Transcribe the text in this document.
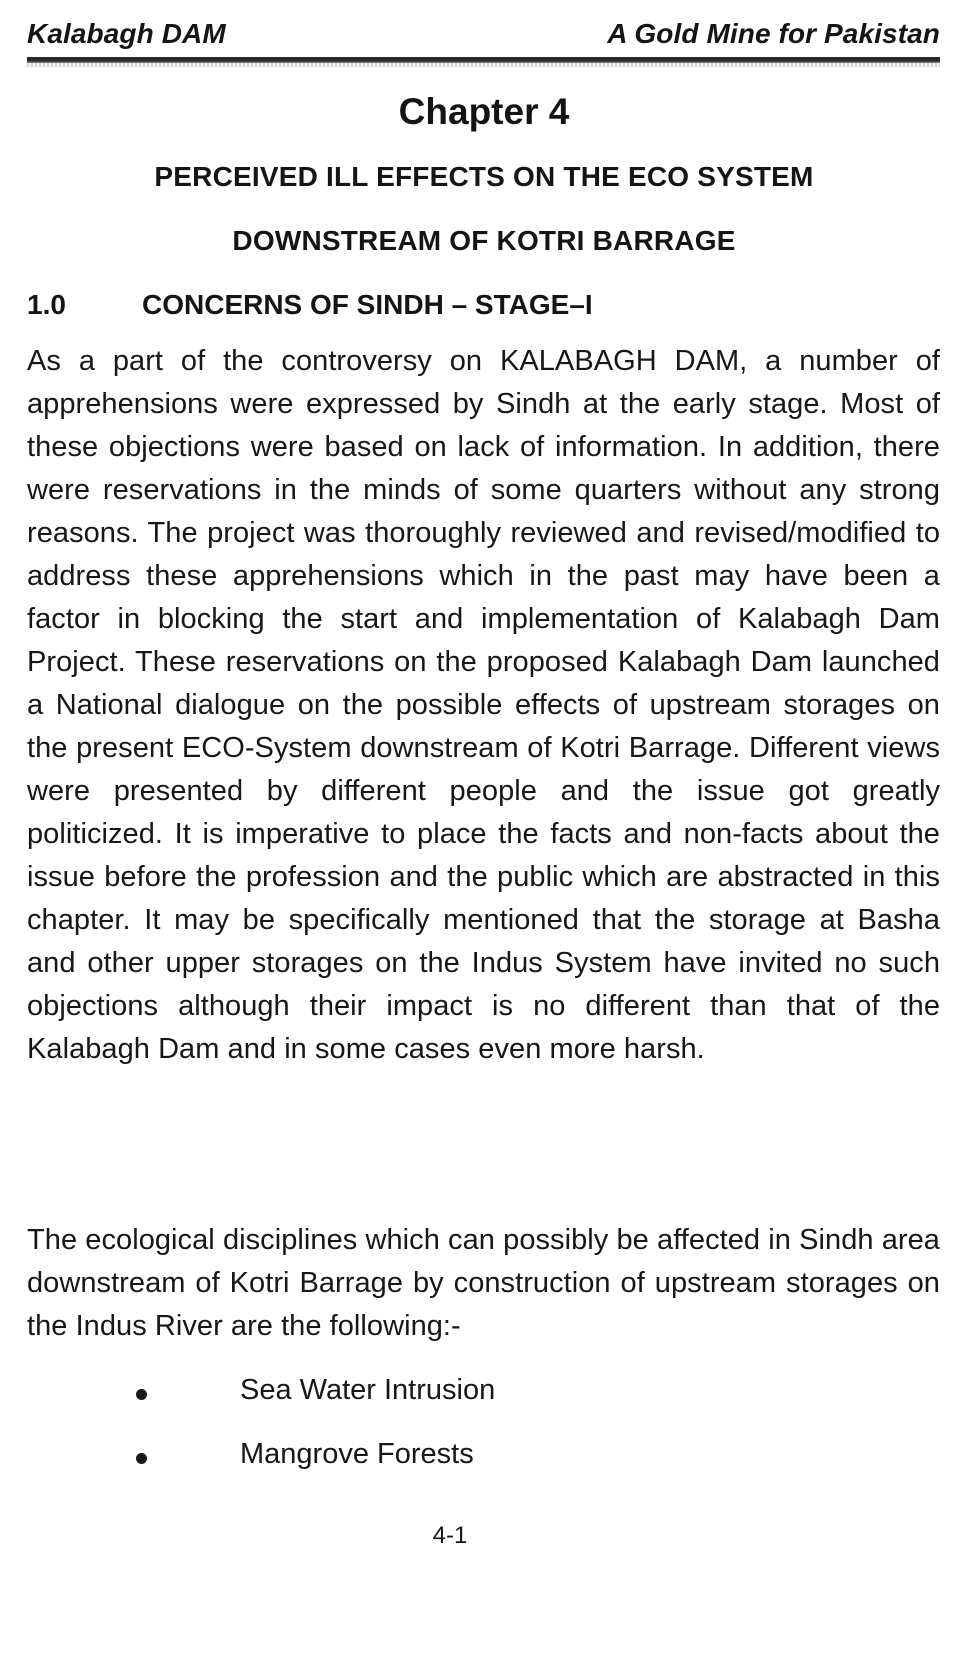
Kalabagh DAM	A Gold Mine for Pakistan
Chapter 4
PERCEIVED ILL EFFECTS ON THE ECO SYSTEM
DOWNSTREAM OF KOTRI BARRAGE
1.0	CONCERNS OF SINDH – STAGE–I

As a part of the controversy on KALABAGH DAM, a number of apprehensions were expressed by Sindh at the early stage. Most of these objections were based on lack of information. In addition, there were reservations in the minds of some quarters without any strong reasons. The project was thoroughly reviewed and revised/modified to address these apprehensions which in the past may have been a factor in blocking the start and implementation of Kalabagh Dam Project. These reservations on the proposed Kalabagh Dam launched a National dialogue on the possible effects of upstream storages on the present ECO-System downstream of Kotri Barrage. Different views were presented by different people and the issue got greatly politicized. It is imperative to place the facts and non-facts about the issue before the profession and the public which are abstracted in this chapter. It may be specifically mentioned that the storage at Basha and other upper storages on the Indus System have invited no such objections although their impact is no different than that of the Kalabagh Dam and in some cases even more harsh.

The ecological disciplines which can possibly be affected in Sindh area downstream of Kotri Barrage by construction of upstream storages on the Indus River are the following:-

Sea Water Intrusion
Mangrove Forests
4-1
